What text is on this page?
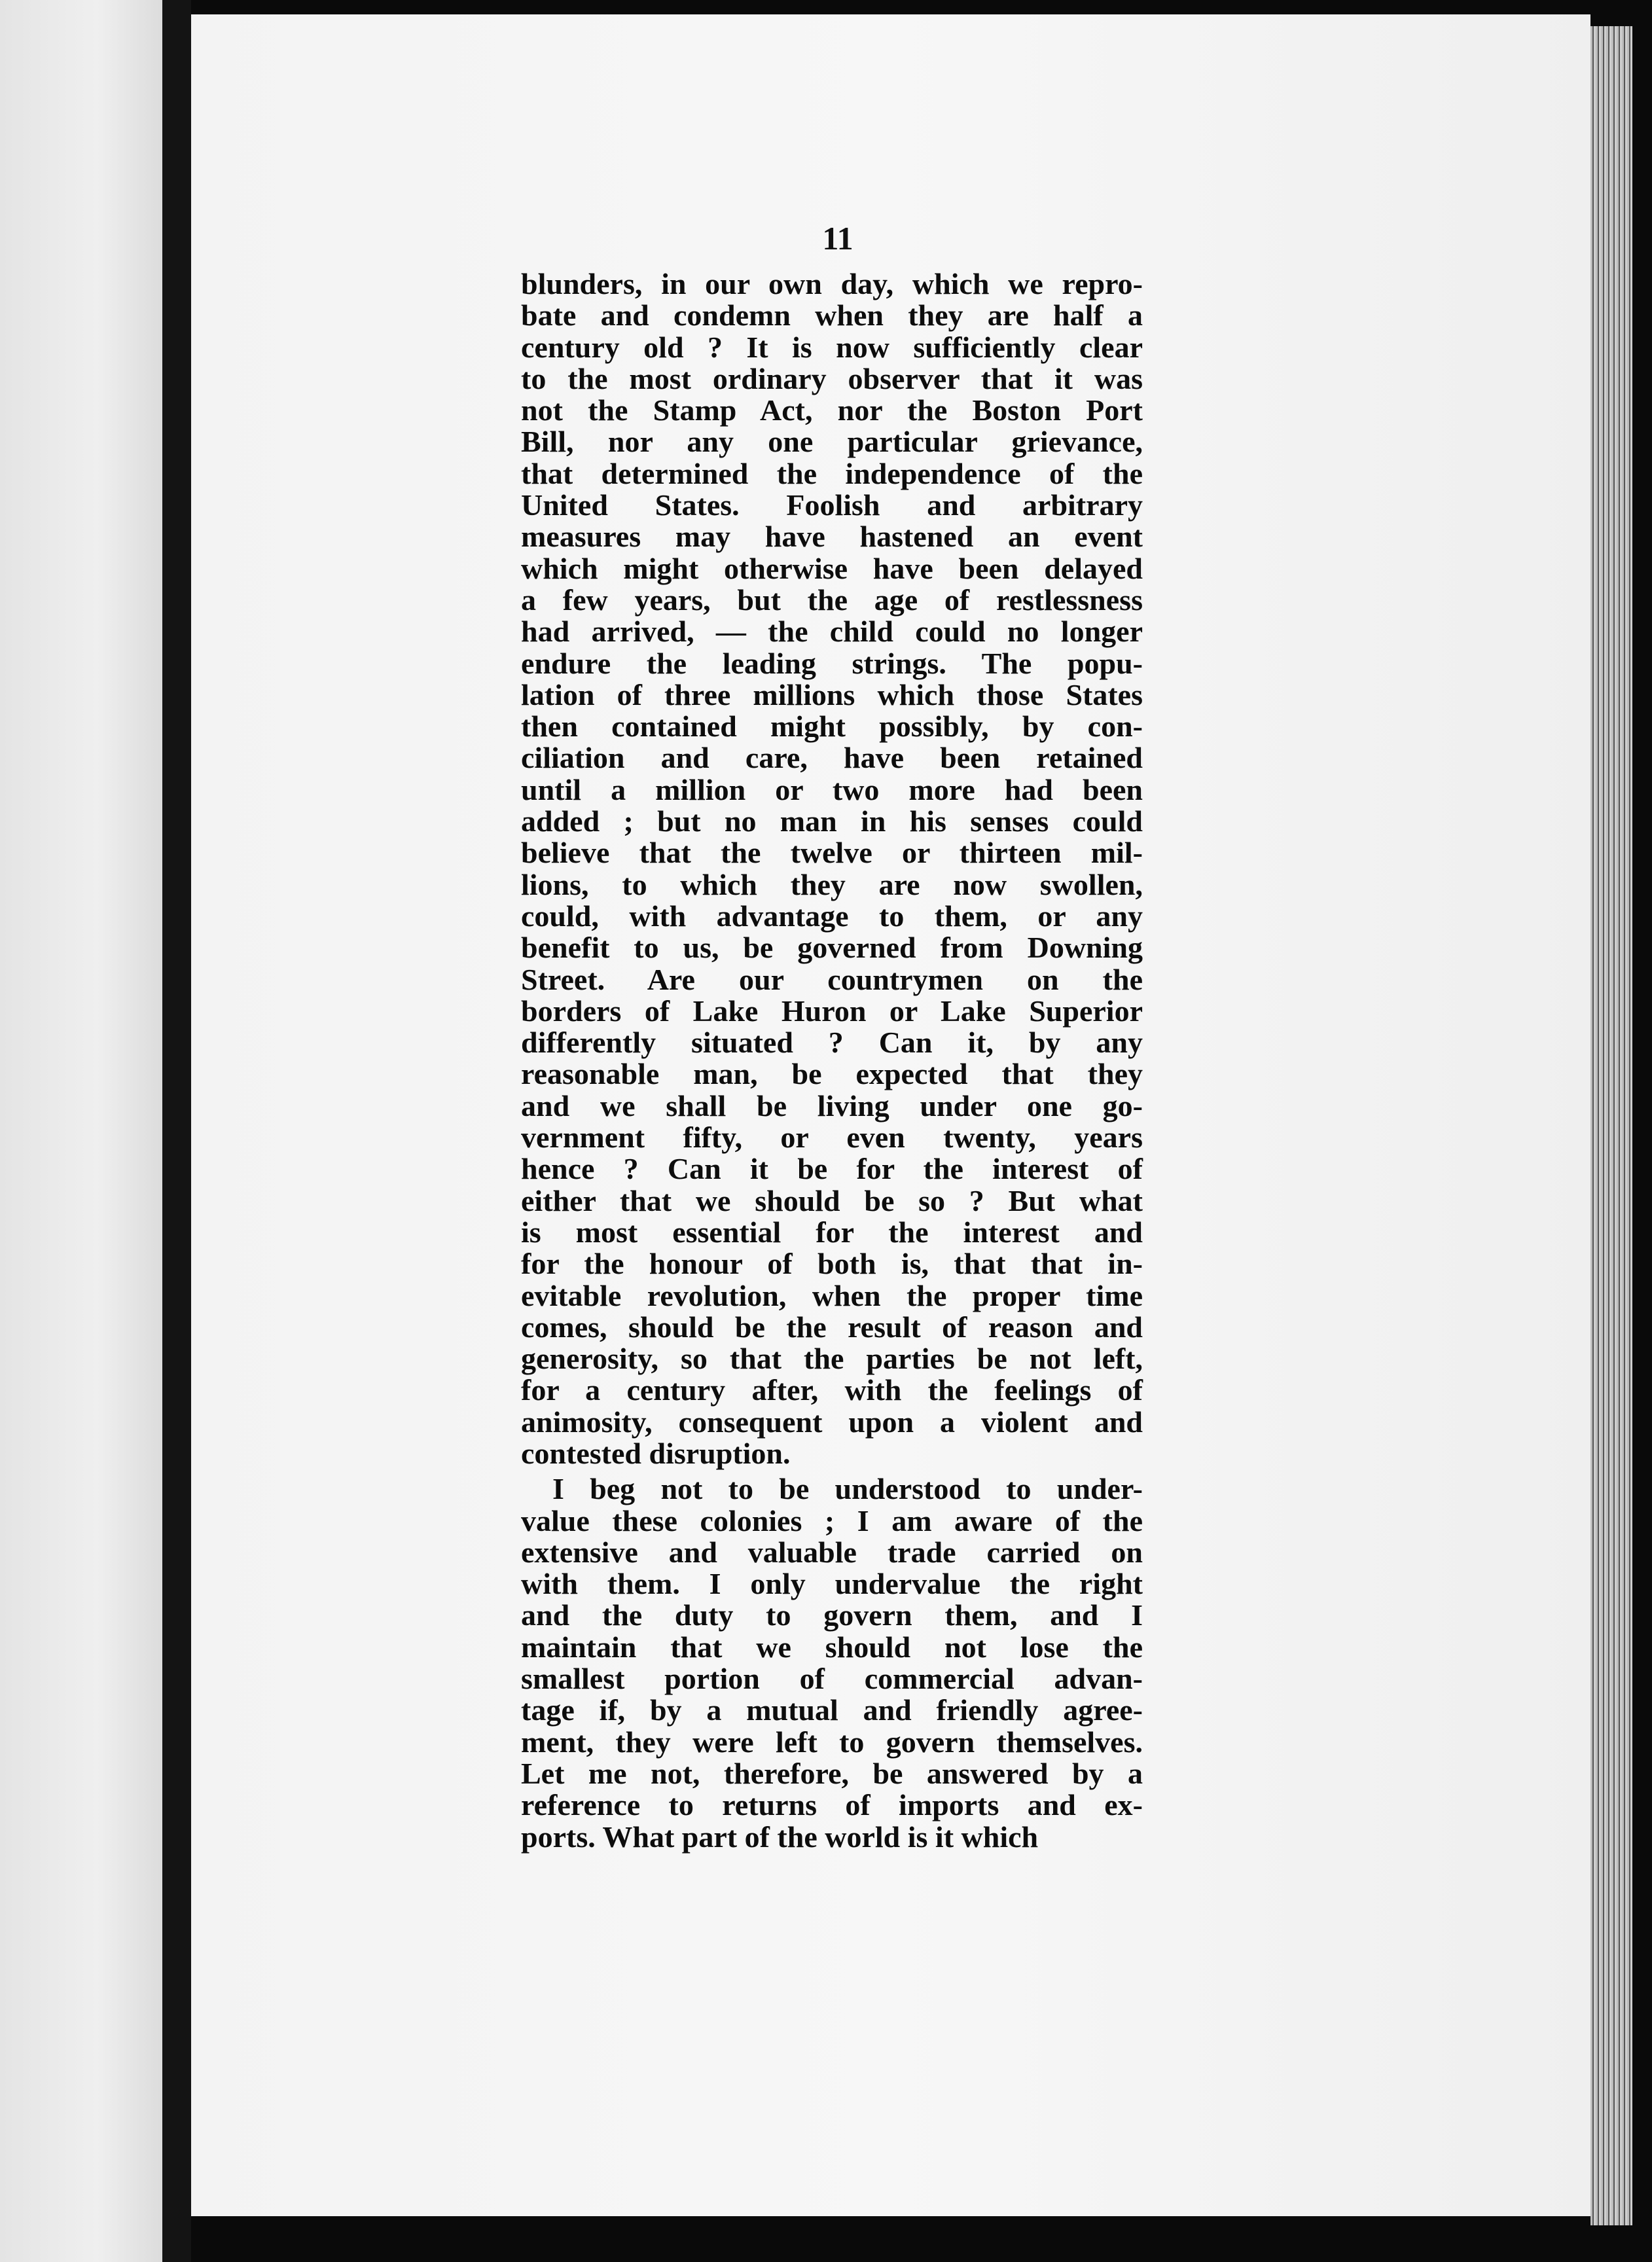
11

blunders, in our own day, which we repro-
bate and condemn when they are half a
century old ? It is now sufficiently clear
to the most ordinary observer that it was
not the Stamp Act, nor the Boston Port
Bill, nor any one particular grievance,
that determined the independence of the
United States. Foolish and arbitrary
measures may have hastened an event
which might otherwise have been delayed
a few years, but the age of restlessness
had arrived, — the child could no longer
endure the leading strings. The popu-
lation of three millions which those States
then contained might possibly, by con-
ciliation and care, have been retained
until a million or two more had been
added ; but no man in his senses could
believe that the twelve or thirteen mil-
lions, to which they are now swollen,
could, with advantage to them, or any
benefit to us, be governed from Downing
Street. Are our countrymen on the
borders of Lake Huron or Lake Superior
differently situated ? Can it, by any
reasonable man, be expected that they
and we shall be living under one go-
vernment fifty, or even twenty, years
hence ? Can it be for the interest of
either that we should be so ? But what
is most essential for the interest and
for the honour of both is, that that in-
evitable revolution, when the proper time
comes, should be the result of reason and
generosity, so that the parties be not left,
for a century after, with the feelings of
animosity, consequent upon a violent and
contested disruption.
I beg not to be understood to under-
value these colonies ; I am aware of the
extensive and valuable trade carried on
with them. I only undervalue the right
and the duty to govern them, and I
maintain that we should not lose the
smallest portion of commercial advan-
tage if, by a mutual and friendly agree-
ment, they were left to govern themselves.
Let me not, therefore, be answered by a
reference to returns of imports and ex-
ports. What part of the world is it which
